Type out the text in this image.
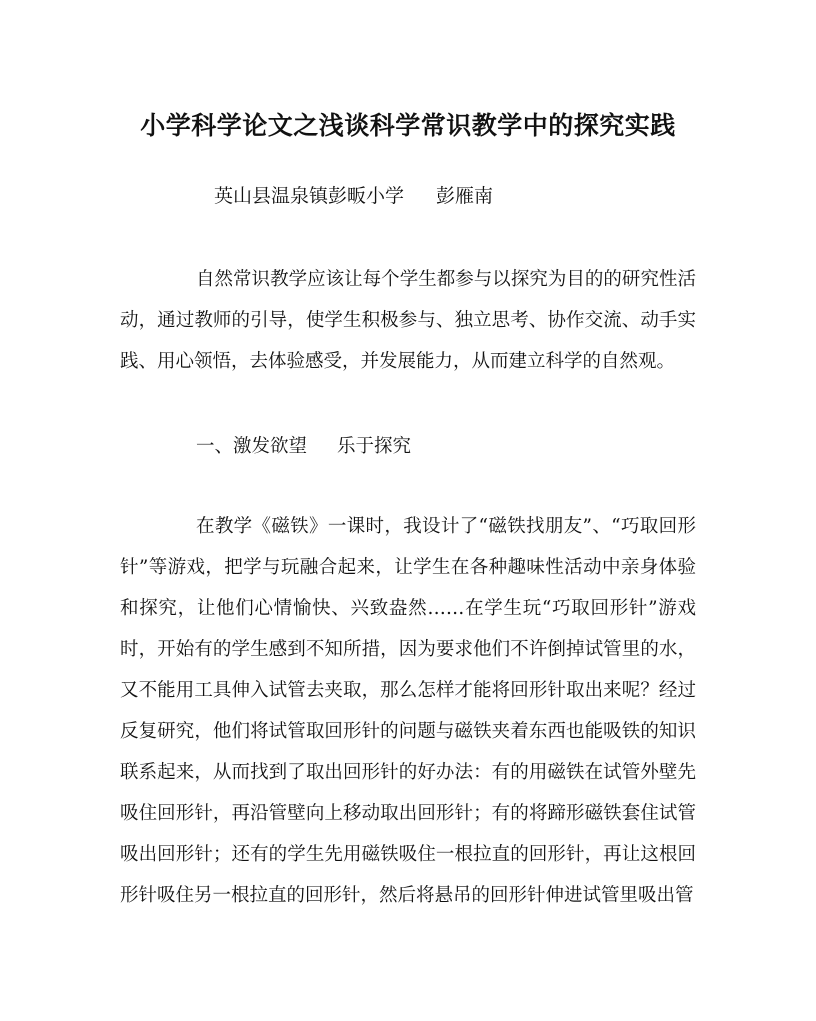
小学科学论文之浅谈科学常识教学中的探究实践
英山县温泉镇彭畈小学 彭雁南

自然常识教学应该让每个学生都参与以探究为目的的研究性活动，通过教师的引导，使学生积极参与、独立思考、协作交流、动手实践、用心领悟，去体验感受，并发展能力，从而建立科学的自然观。

一、激发欲望 乐于探究

在教学《磁铁》一课时，我设计了“磁铁找朋友”、“巧取回形针”等游戏，把学与玩融合起来，让学生在各种趣味性活动中亲身体验和探究，让他们心情愉快、兴致盎然……在学生玩“巧取回形针”游戏时，开始有的学生感到不知所措，因为要求他们不许倒掉试管里的水，又不能用工具伸入试管去夹取，那么怎样才能将回形针取出来呢？经过反复研究，他们将试管取回形针的问题与磁铁夹着东西也能吸铁的知识联系起来，从而找到了取出回形针的好办法：有的用磁铁在试管外壁先吸住回形针，再沿管壁向上移动取出回形针；有的将蹄形磁铁套住试管吸出回形针；还有的学生先用磁铁吸住一根拉直的回形针，再让这根回形针吸住另一根拉直的回形针，然后将悬吊的回形针伸进试管里吸出管
